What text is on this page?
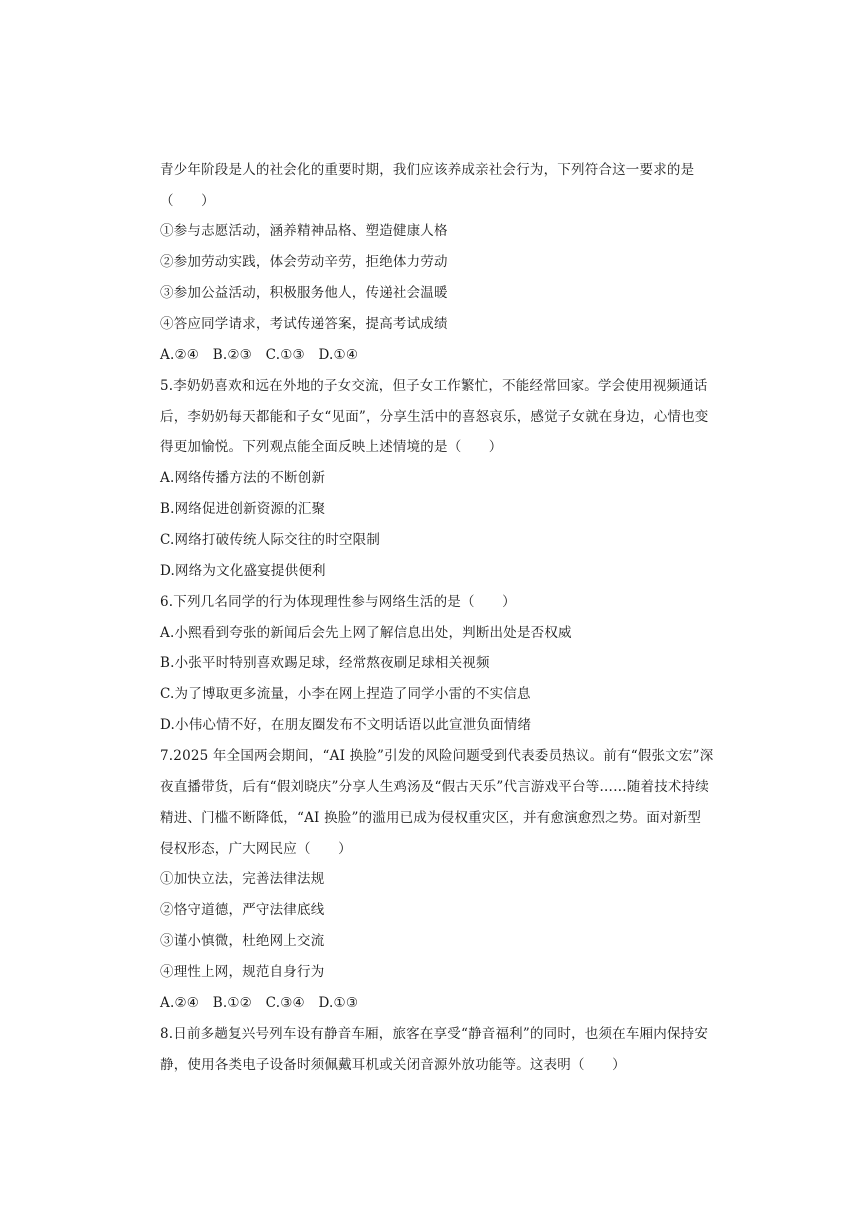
青少年阶段是人的社会化的重要时期，我们应该养成亲社会行为，下列符合这一要求的是
（　　）
①参与志愿活动，涵养精神品格、塑造健康人格
②参加劳动实践，体会劳动辛劳，拒绝体力劳动
③参加公益活动，积极服务他人，传递社会温暖
④答应同学请求，考试传递答案，提高考试成绩
A.②④　B.②③　C.①③　D.①④
5.李奶奶喜欢和远在外地的子女交流，但子女工作繁忙，不能经常回家。学会使用视频通话
后，李奶奶每天都能和子女“见面”，分享生活中的喜怒哀乐，感觉子女就在身边，心情也变
得更加愉悦。下列观点能全面反映上述情境的是（　　）
A.网络传播方法的不断创新
B.网络促进创新资源的汇聚
C.网络打破传统人际交往的时空限制
D.网络为文化盛宴提供便利
6.下列几名同学的行为体现理性参与网络生活的是（　　）
A.小熙看到夸张的新闻后会先上网了解信息出处，判断出处是否权威
B.小张平时特别喜欢踢足球，经常熬夜刷足球相关视频
C.为了博取更多流量，小李在网上捏造了同学小雷的不实信息
D.小伟心情不好，在朋友圈发布不文明话语以此宣泄负面情绪
7.2025 年全国两会期间，“AI 换脸”引发的风险问题受到代表委员热议。前有“假张文宏”深
夜直播带货，后有“假刘晓庆”分享人生鸡汤及“假古天乐”代言游戏平台等……随着技术持续
精进、门槛不断降低，“AI 换脸”的滥用已成为侵权重灾区，并有愈演愈烈之势。面对新型
侵权形态，广大网民应（　　）
①加快立法，完善法律法规
②恪守道德，严守法律底线
③谨小慎微，杜绝网上交流
④理性上网，规范自身行为
A.②④　B.①②　C.③④　D.①③
8.日前多趟复兴号列车设有静音车厢，旅客在享受“静音福利”的同时，也须在车厢内保持安
静，使用各类电子设备时须佩戴耳机或关闭音源外放功能等。这表明（　　）
